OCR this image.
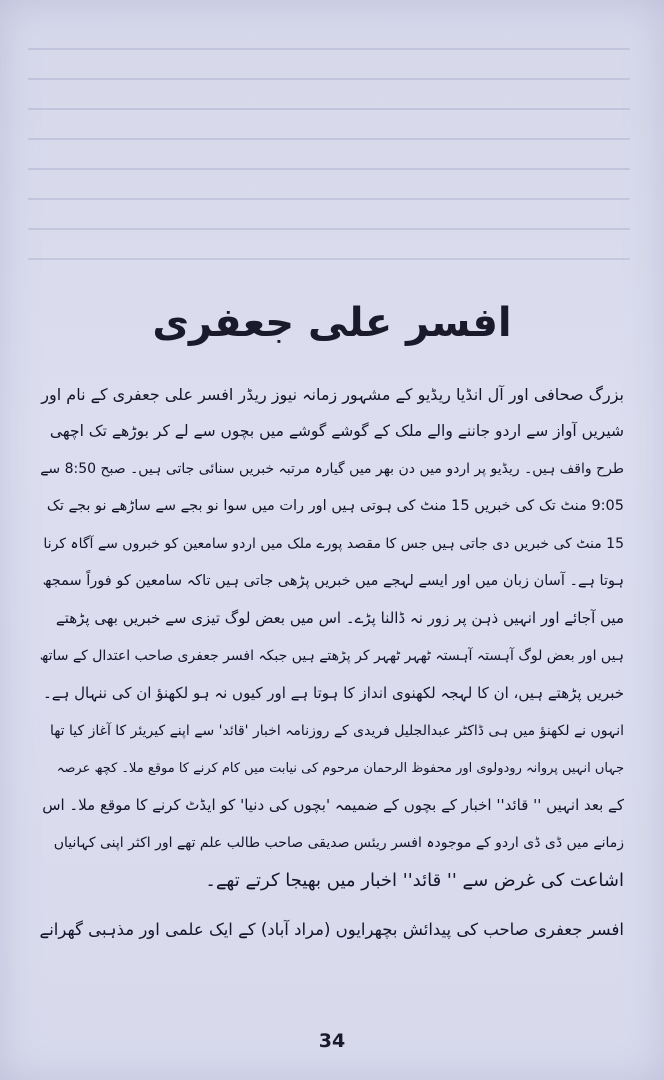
افسر علی جعفری
بزرگ صحافی اور آل انڈیا ریڈیو کے مشہور زمانہ نیوز ریڈر افسر علی جعفری کے نام اور
شیریں آواز سے اردو جاننے والے ملک کے گوشے گوشے میں بچوں سے لے کر بوڑھے تک اچھی
طرح واقف ہیں۔ ریڈیو پر اردو میں دن بھر میں گیارہ مرتبہ خبریں سنائی جاتی ہیں۔ صبح 8:50 سے
9:05 منٹ تک کی خبریں 15 منٹ کی ہوتی ہیں اور رات میں سوا نو بجے سے ساڑھے نو بجے تک
15 منٹ کی خبریں دی جاتی ہیں جس کا مقصد پورے ملک میں اردو سامعین کو خبروں سے آگاہ کرنا
ہوتا ہے۔ آسان زبان میں اور ایسے لہجے میں خبریں پڑھی جاتی ہیں تاکہ سامعین کو فوراً سمجھ
میں آجائے اور انہیں ذہن پر زور نہ ڈالنا پڑے۔ اس میں بعض لوگ تیزی سے خبریں بھی پڑھتے
ہیں اور بعض لوگ آہستہ آہستہ ٹھہر ٹھہر کر پڑھتے ہیں جبکہ افسر جعفری صاحب اعتدال کے ساتھ
خبریں پڑھتے ہیں، ان کا لہجہ لکھنوی انداز کا ہوتا ہے اور کیوں نہ ہو لکھنؤ ان کی ننہال ہے۔
انہوں نے لکھنؤ میں ہی ڈاکٹر عبدالجلیل فریدی کے روزنامہ اخبار 'قائد' سے اپنے کیریئر کا آغاز کیا تھا
جہاں انہیں پروانہ رودولوی اور محفوظ الرحمان مرحوم کی نیابت میں کام کرنے کا موقع ملا۔ کچھ عرصہ
کے بعد انہیں '' قائد'' اخبار کے بچوں کے ضمیمہ 'بچوں کی دنیا' کو ایڈٹ کرنے کا موقع ملا۔ اس
زمانے میں ڈی ڈی اردو کے موجودہ افسر ریئس صدیقی صاحب طالب علم تھے اور اکثر اپنی کہانیاں
اشاعت کی غرض سے '' قائد'' اخبار میں بھیجا کرتے تھے۔
افسر جعفری صاحب کی پیدائش بچھرایوں (مراد آباد) کے ایک علمی اور مذہبی گھرانے
34
